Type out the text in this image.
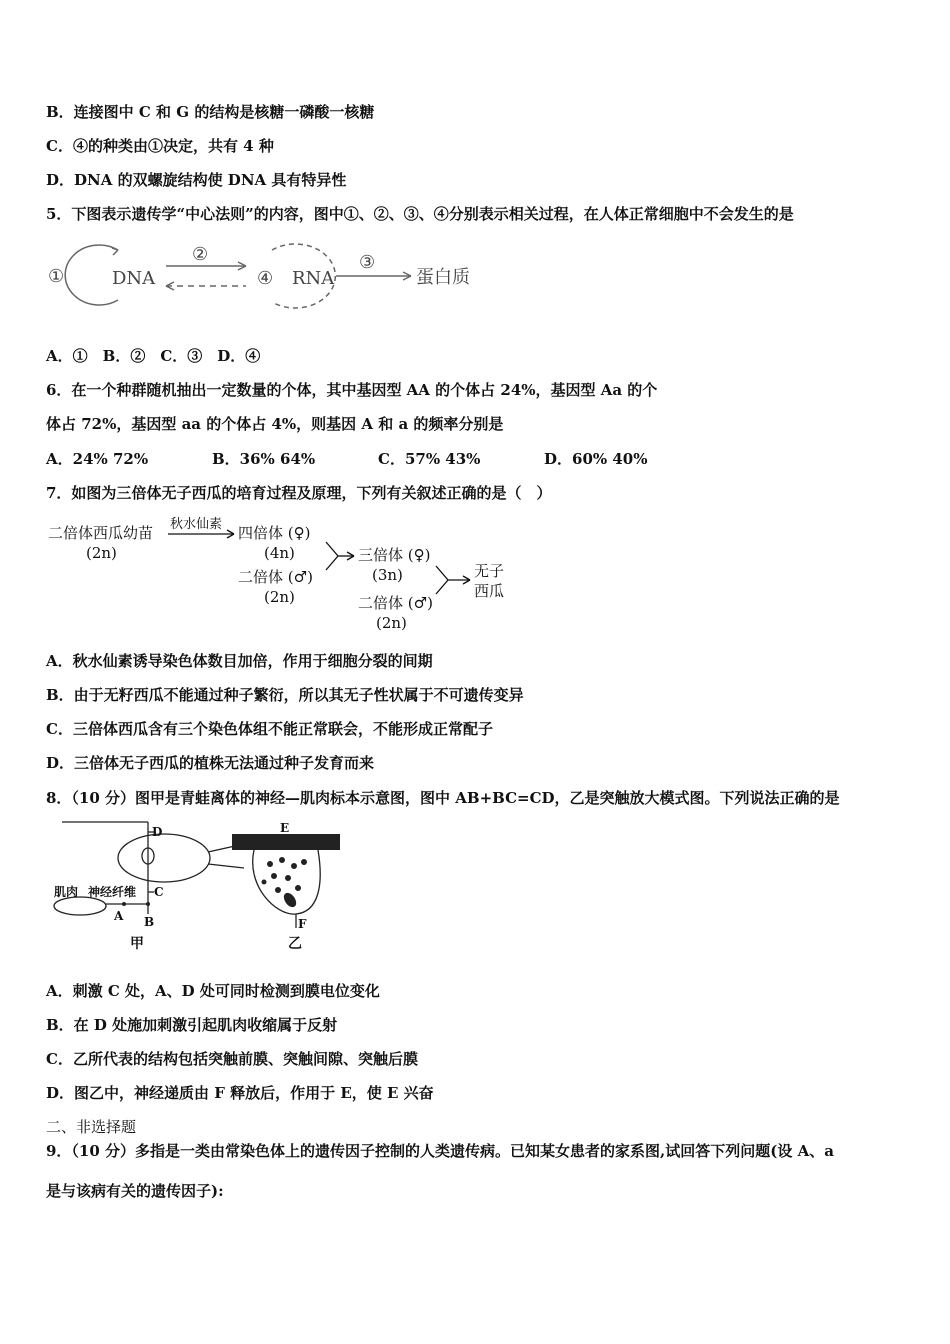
B．连接图中 C 和 G 的结构是核糖一磷酸一核糖
C．④的种类由①决定，共有 4 种
D．DNA 的双螺旋结构使 DNA 具有特异性
5．下图表示遗传学“中心法则”的内容，图中①、②、③、④分别表示相关过程，在人体正常细胞中不会发生的是
①	DNA
②
④ RNA
③
蛋白质
A．①　B．②　C．③　D．④
6．在一个种群随机抽出一定数量的个体，其中基因型 AA 的个体占 24%，基因型 Aa 的个
体占 72%，基因型 aa 的个体占 4%，则基因 A 和 a 的频率分别是
A．24% 72%	B．36% 64%	C．57% 43%	D．60% 40%
7．如图为三倍体无子西瓜的培育过程及原理，下列有关叙述正确的是（　）
二倍体西瓜幼苗
(2n)
秋水仙素 四倍体 (♀)
(4n)
二倍体 (♂)
(2n)
三倍体 (♀)
(3n)
二倍体 (♂)
(2n)
无子
西瓜
A．秋水仙素诱导染色体数目加倍，作用于细胞分裂的间期
B．由于无籽西瓜不能通过种子繁衍，所以其无子性状属于不可遗传变异
C．三倍体西瓜含有三个染色体组不能正常联会，不能形成正常配子
D．三倍体无子西瓜的植株无法通过种子发育而来
8．（10 分）图甲是青蛙离体的神经—肌肉标本示意图，图中 AB+BC=CD，乙是突触放大模式图。下列说法正确的是
D
肌肉 神经纤维 C
A B
甲
E
F
乙
A．刺激 C 处，A、D 处可同时检测到膜电位变化
B．在 D 处施加刺激引起肌肉收缩属于反射
C．乙所代表的结构包括突触前膜、突触间隙、突触后膜
D．图乙中，神经递质由 F 释放后，作用于 E，使 E 兴奋
二、非选择题
9．（10 分）多指是一类由常染色体上的遗传因子控制的人类遗传病。已知某女患者的家系图,试回答下列问题(设 A、a
是与该病有关的遗传因子):
